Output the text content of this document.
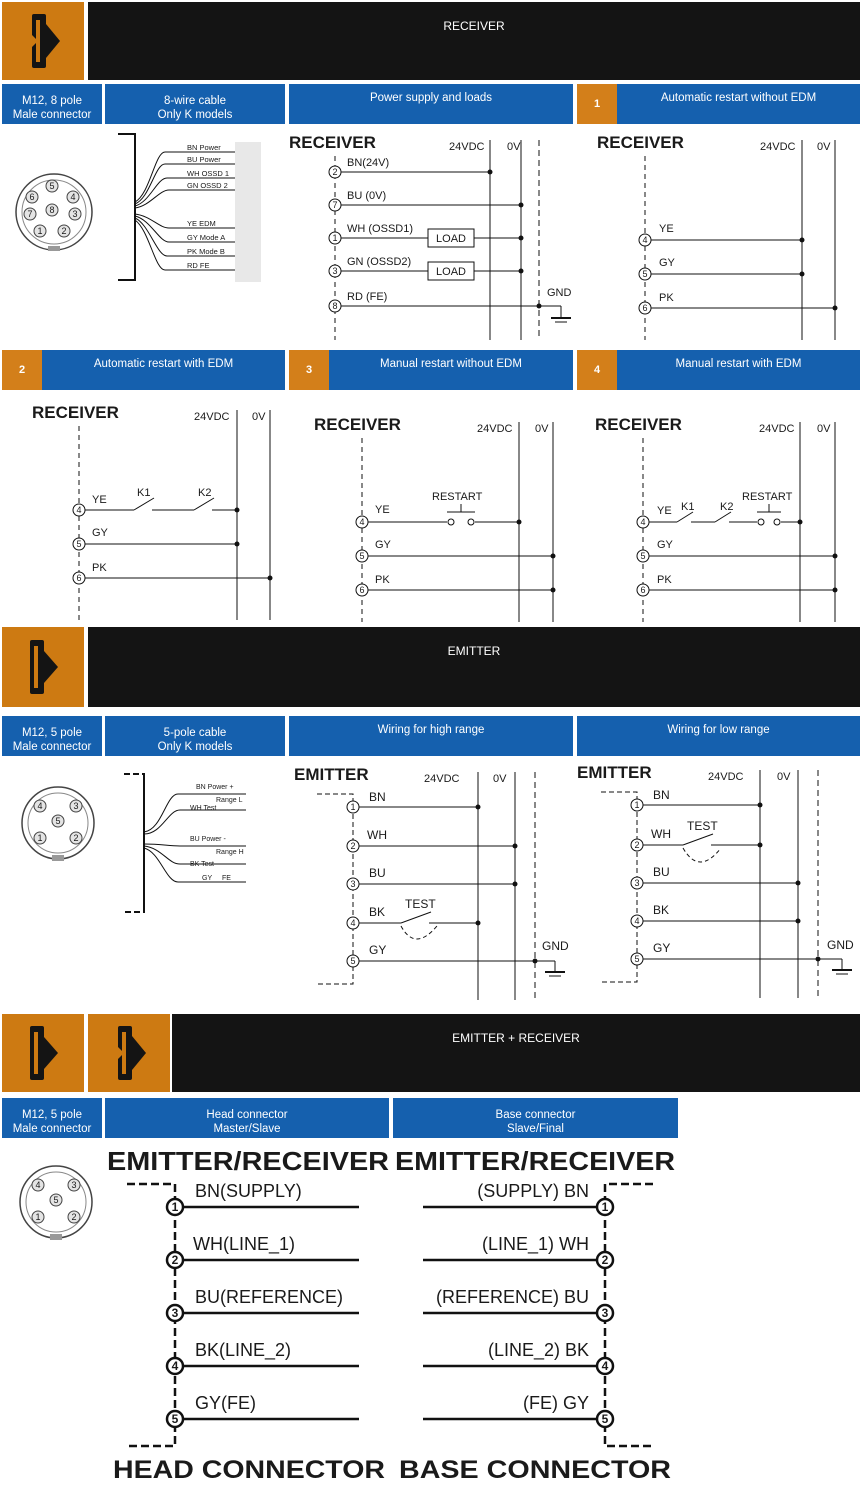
RECEIVER
M12, 8 pole
Male connector
8-wire cable
Only K models
Power supply and loads	1	Automatic restart without EDM
6
5
4
3
7 8
1 2
BN Power
BU Power
WH OSSD 1
GN OSSD 2
YE EDM
GY Mode A
PK Mode B
RD FE
RECEIVER	24VDC 0V
2
7
1
3
8
BN(24V)
BU (0V)
WH (OSSD1)
GN (OSSD2)
RD (FE)
LOAD
LOAD
GND
RECEIVER	24VDC 0V
4
5
6
YE
GY
PK
2	Automatic restart with EDM	3	Manual restart without EDM	4	Manual restart with EDM
RECEIVER	24VDC 0V
4
5
6
YE
GY
PK
K1	K2
RECEIVER	24VDC 0V
4
5
6
YE
GY
PK
RESTART
RECEIVER	24VDC 0V
4
5
6
YE
GY
PK
K1 K2
RESTART
EMITTER
M12, 5 pole
Male connector
5-pole cable
Only K models
Wiring for high range	Wiring for low range
4	3
5
1	2
BN Power +
Range L
WH Test
BU Power -
Range H
BK Test
GY FE
EMITTER	24VDC	0V
1
2
3
4
5
BN
WH
BU
BK
GY
TEST
GND
EMITTER	24VDC	0V
1
2
3
4
5
BN
WH
BU
BK
GY
TEST
GND
EMITTER + RECEIVER
M12, 5 pole
Male connector
Head connector
Master/Slave
Base connector
Slave/Final
4	3
5
1	2
EMITTER/RECEIVER
1
2
3
4
5
BN(SUPPLY)
WH(LINE_1)
BU(REFERENCE)
BK(LINE_2)
GY(FE)
HEAD CONNECTOR
EMITTER/RECEIVER
1
2
3
4
5
(SUPPLY) BN
(LINE_1) WH
(REFERENCE) BU
(LINE_2) BK
(FE) GY
BASE CONNECTOR
